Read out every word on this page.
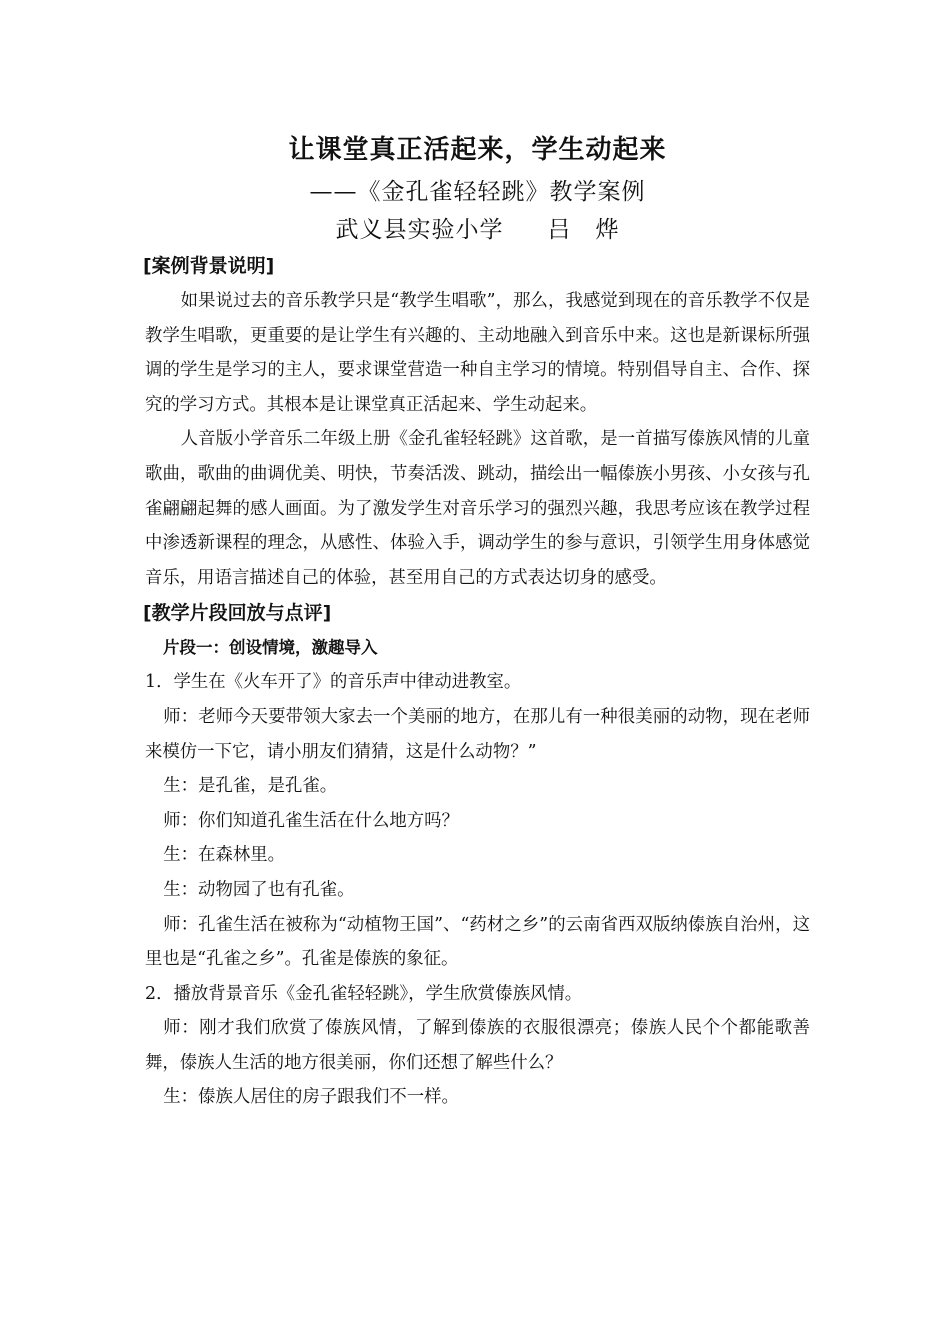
让课堂真正活起来，学生动起来

——《金孔雀轻轻跳》教学案例

武义县实验小学 吕　烨

[案例背景说明]

如果说过去的音乐教学只是“教学生唱歌”，那么，我感觉到现在的音乐教学不仅是教学生唱歌，更重要的是让学生有兴趣的、主动地融入到音乐中来。这也是新课标所强调的学生是学习的主人，要求课堂营造一种自主学习的情境。特别倡导自主、合作、探究的学习方式。其根本是让课堂真正活起来、学生动起来。

人音版小学音乐二年级上册《金孔雀轻轻跳》这首歌，是一首描写傣族风情的儿童歌曲，歌曲的曲调优美、明快，节奏活泼、跳动，描绘出一幅傣族小男孩、小女孩与孔雀翩翩起舞的感人画面。为了激发学生对音乐学习的强烈兴趣，我思考应该在教学过程中渗透新课程的理念，从感性、体验入手，调动学生的参与意识，引领学生用身体感觉音乐，用语言描述自己的体验，甚至用自己的方式表达切身的感受。

[教学片段回放与点评]
片段一：创设情境，激趣导入

1．学生在《火车开了》的音乐声中律动进教室。

师：老师今天要带领大家去一个美丽的地方，在那儿有一种很美丽的动物，现在老师来模仿一下它，请小朋友们猜猜，这是什么动物？”

生：是孔雀，是孔雀。

师：你们知道孔雀生活在什么地方吗？

生：在森林里。

生：动物园了也有孔雀。

师：孔雀生活在被称为“动植物王国”、“药材之乡”的云南省西双版纳傣族自治州，这里也是“孔雀之乡”。孔雀是傣族的象征。

2．播放背景音乐《金孔雀轻轻跳》，学生欣赏傣族风情。

师：刚才我们欣赏了傣族风情，了解到傣族的衣服很漂亮；傣族人民个个都能歌善舞，傣族人生活的地方很美丽，你们还想了解些什么？

生：傣族人居住的房子跟我们不一样。
